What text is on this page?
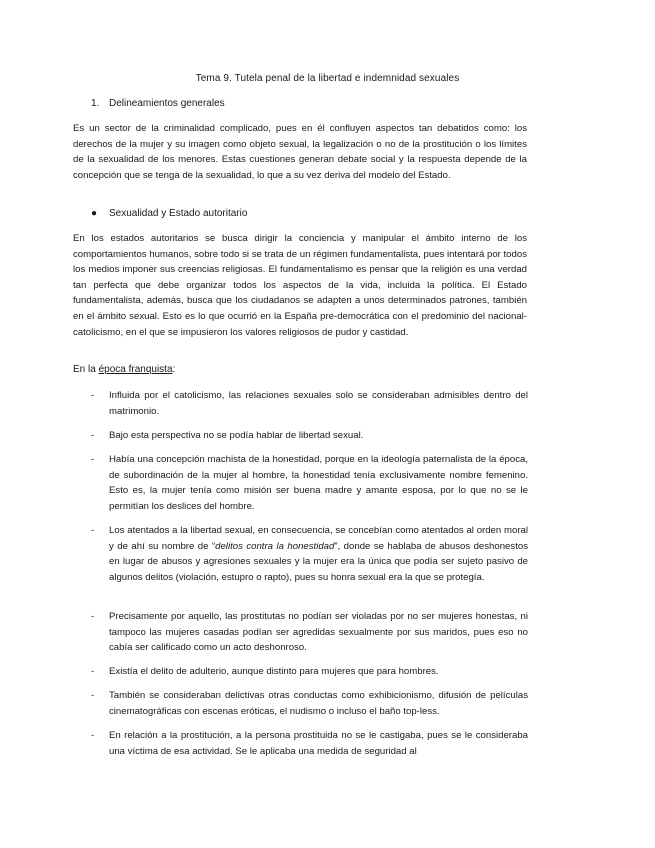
Tema 9. Tutela penal de la libertad e indemnidad sexuales
1. Delineamientos generales

Es un sector de la criminalidad complicado, pues en él confluyen aspectos tan debatidos como: los derechos de la mujer y su imagen como objeto sexual, la legalización o no de la prostitución o los límites de la sexualidad de los menores. Estas cuestiones generan debate social y la respuesta depende de la concepción que se tenga de la sexualidad, lo que a su vez deriva del modelo del Estado.

● Sexualidad y Estado autoritario

En los estados autoritarios se busca dirigir la conciencia y manipular el ámbito interno de los comportamientos humanos, sobre todo si se trata de un régimen fundamentalista, pues intentará por todos los medios imponer sus creencias religiosas. El fundamentalismo es pensar que la religión es una verdad tan perfecta que debe organizar todos los aspectos de la vida, incluida la política. El Estado fundamentalista, además, busca que los ciudadanos se adapten a unos determinados patrones, también en el ámbito sexual. Esto es lo que ocurrió en la España pre-democrática con el predominio del nacional-catolicismo, en el que se impusieron los valores religiosos de pudor y castidad.

En la época franquista:
-	Influida por el catolicismo, las relaciones sexuales solo se consideraban admisibles dentro del matrimonio.
-	Bajo esta perspectiva no se podía hablar de libertad sexual.
-	Había una concepción machista de la honestidad, porque en la ideología paternalista de la época, de subordinación de la mujer al hombre, la honestidad tenía exclusivamente nombre femenino. Esto es, la mujer tenía como misión ser buena madre y amante esposa, por lo que no se le permitían los deslices del hombre.
-	Los atentados a la libertad sexual, en consecuencia, se concebían como atentados al orden moral y de ahí su nombre de “delitos contra la honestidad”, donde se hablaba de abusos deshonestos en lugar de abusos y agresiones sexuales y la mujer era la única que podía ser sujeto pasivo de algunos delitos (violación, estupro o rapto), pues su honra sexual era la que se protegía.
-	Precisamente por aquello, las prostitutas no podían ser violadas por no ser mujeres honestas, ni tampoco las mujeres casadas podían ser agredidas sexualmente por sus maridos, pues eso no cabía ser calificado como un acto deshonroso.
-	Existía el delito de adulterio, aunque distinto para mujeres que para hombres.
-	También se consideraban delictivas otras conductas como exhibicionismo, difusión de películas cinematográficas con escenas eróticas, el nudismo o incluso el baño top-less.
-	En relación a la prostitución, a la persona prostituida no se le castigaba, pues se le consideraba una víctima de esa actividad. Se le aplicaba una medida de seguridad al
